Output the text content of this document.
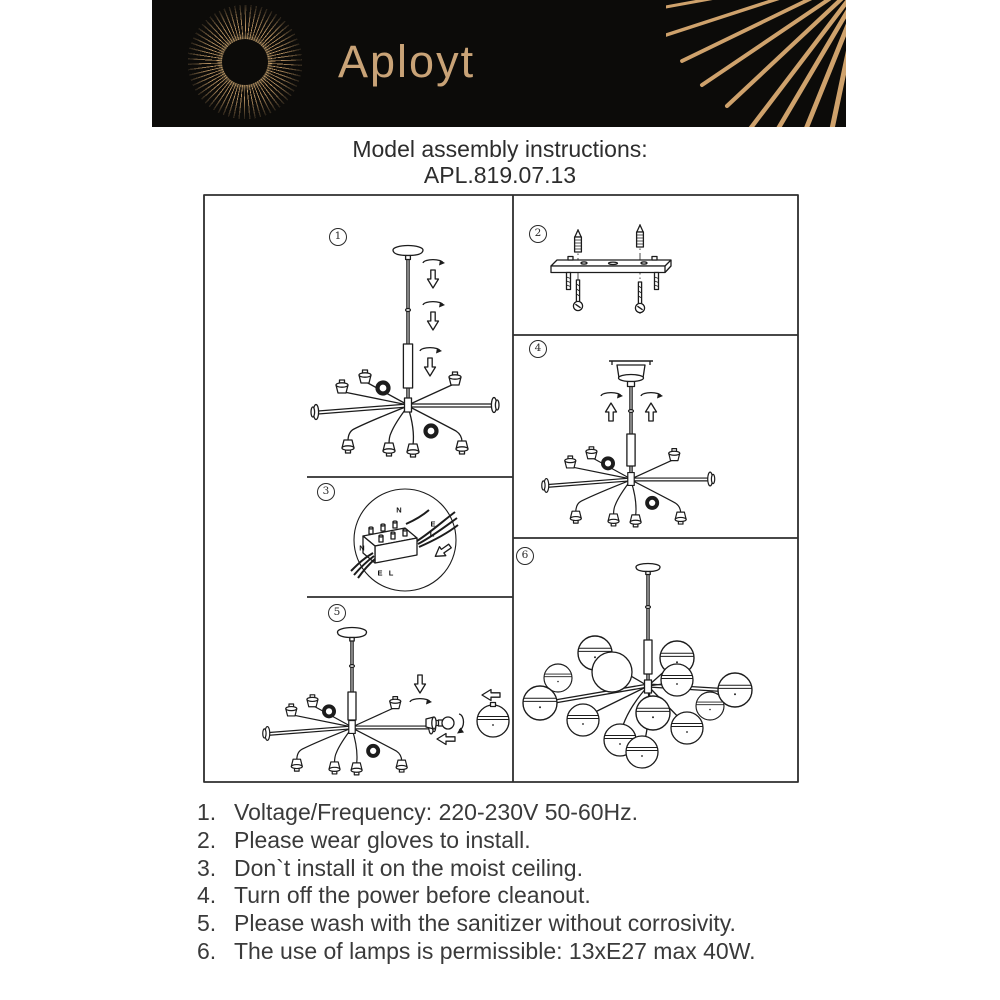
Aployt
Model assembly instructions:
APL.819.07.13
1	2
3
4
5
6
N
E
L
N
E L
1. Voltage/Frequency: 220-230V 50-60Hz.
2. Please wear gloves to install.
3. Don`t install it on the moist ceiling.
4. Turn off the power before cleanout.
5. Please wash with the sanitizer without corrosivity.
6. The use of lamps is permissible: 13xE27 max 40W.
